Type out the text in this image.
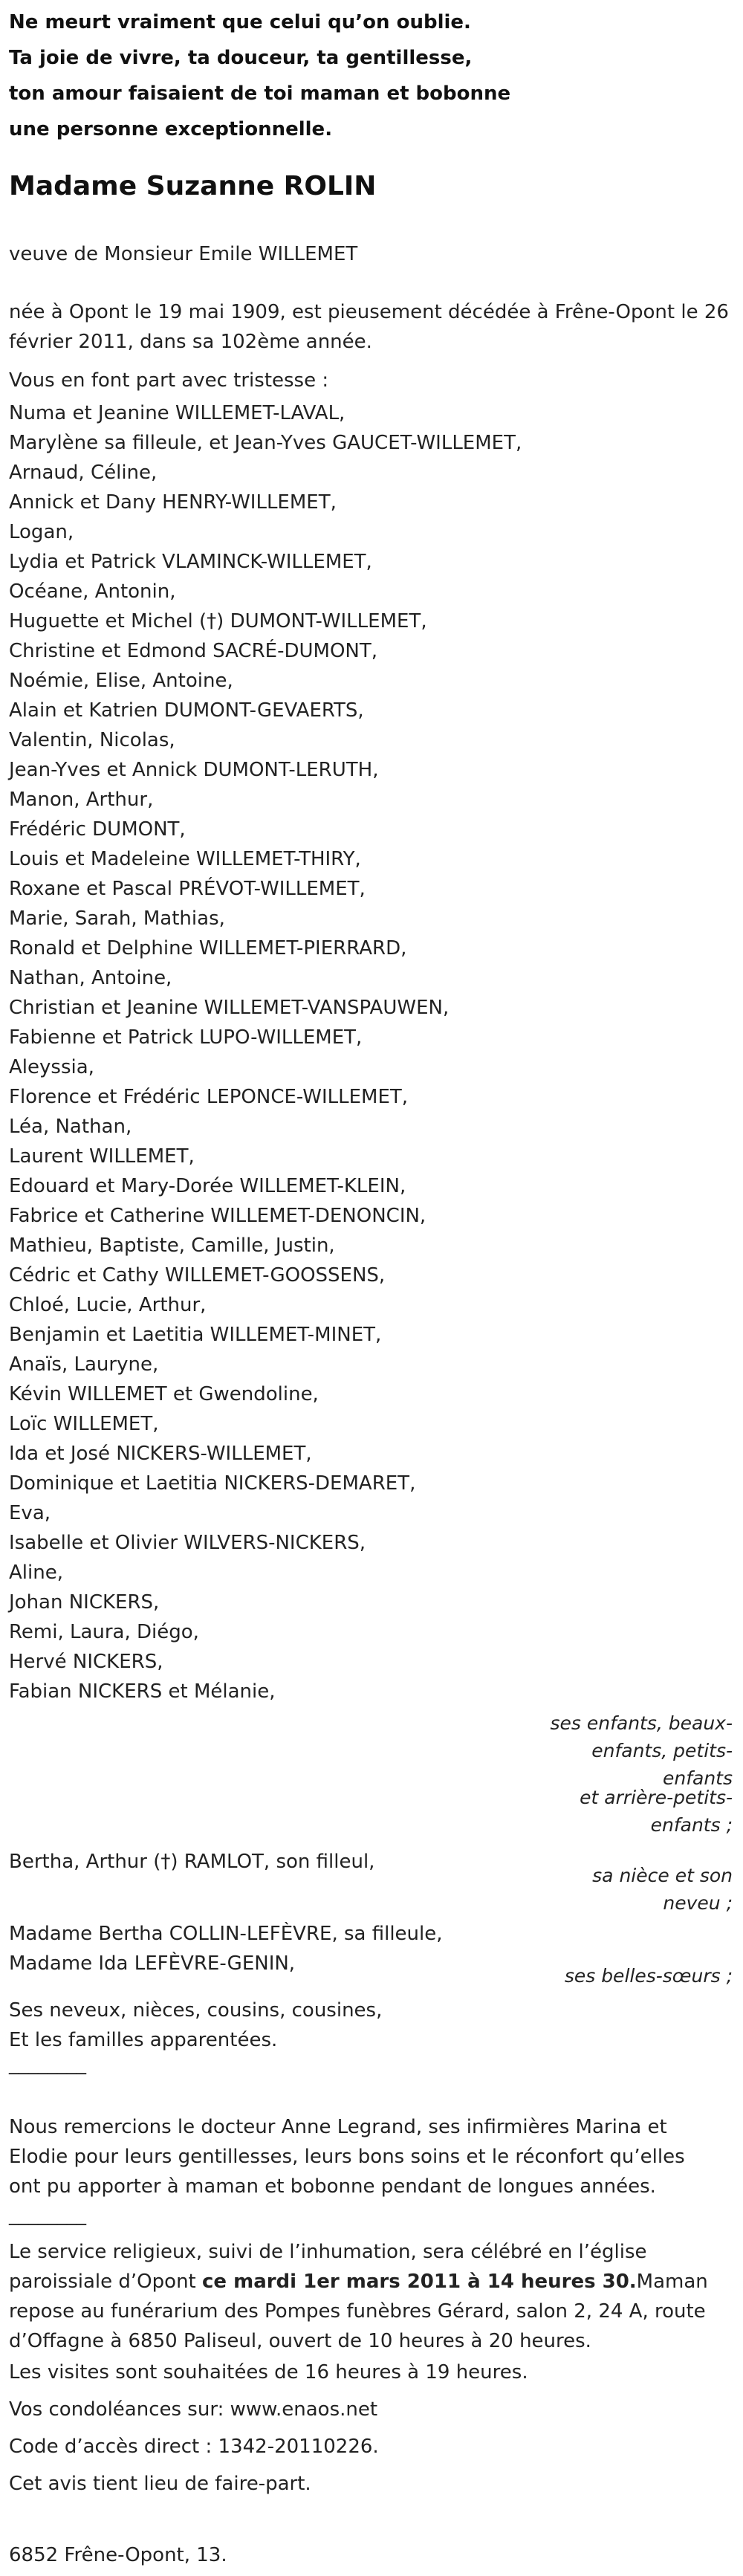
Ne meurt vraiment que celui qu’on oublie.
Ta joie de vivre, ta douceur, ta gentillesse,
ton amour faisaient de toi maman et bobonne
une personne exceptionnelle.
Madame Suzanne ROLIN
veuve de Monsieur Emile WILLEMET
née à Opont le 19 mai 1909, est pieusement décédée à Frêne-Opont le 26
février 2011, dans sa 102ème année.
Vous en font part avec tristesse :
Numa et Jeanine WILLEMET-LAVAL,
Marylène sa filleule, et Jean-Yves GAUCET-WILLEMET,
Arnaud, Céline,
Annick et Dany HENRY-WILLEMET,
Logan,
Lydia et Patrick VLAMINCK-WILLEMET,
Océane, Antonin,
Huguette et Michel (†) DUMONT-WILLEMET,
Christine et Edmond SACRÉ-DUMONT,
Noémie, Elise, Antoine,
Alain et Katrien DUMONT-GEVAERTS,
Valentin, Nicolas,
Jean-Yves et Annick DUMONT-LERUTH,
Manon, Arthur,
Frédéric DUMONT,
Louis et Madeleine WILLEMET-THIRY,
Roxane et Pascal PRÉVOT-WILLEMET,
Marie, Sarah, Mathias,
Ronald et Delphine WILLEMET-PIERRARD,
Nathan, Antoine,
Christian et Jeanine WILLEMET-VANSPAUWEN,
Fabienne et Patrick LUPO-WILLEMET,
Aleyssia,
Florence et Frédéric LEPONCE-WILLEMET,
Léa, Nathan,
Laurent WILLEMET,
Edouard et Mary-Dorée WILLEMET-KLEIN,
Fabrice et Catherine WILLEMET-DENONCIN,
Mathieu, Baptiste, Camille, Justin,
Cédric et Cathy WILLEMET-GOOSSENS,
Chloé, Lucie, Arthur,
Benjamin et Laetitia WILLEMET-MINET,
Anaïs, Lauryne,
Kévin WILLEMET et Gwendoline,
Loïc WILLEMET,
Ida et José NICKERS-WILLEMET,
Dominique et Laetitia NICKERS-DEMARET,
Eva,
Isabelle et Olivier WILVERS-NICKERS,
Aline,
Johan NICKERS,
Remi, Laura, Diégo,
Hervé NICKERS,
Fabian NICKERS et Mélanie,
ses enfants, beaux-
enfants, petits-
enfants
et arrière-petits-
enfants ;
Bertha, Arthur (†) RAMLOT, son filleul,
sa nièce et son
neveu ;
Madame Bertha COLLIN-LEFÈVRE, sa filleule,
Madame Ida LEFÈVRE-GENIN,
ses belles-sœurs ;
Ses neveux, nièces, cousins, cousines,
Et les familles apparentées.
________
Nous remercions le docteur Anne Legrand, ses infirmières Marina et
Elodie pour leurs gentillesses, leurs bons soins et le réconfort qu’elles
ont pu apporter à maman et bobonne pendant de longues années.
________
Le service religieux, suivi de l’inhumation, sera célébré en l’église
paroissiale d’Opont ce mardi 1er mars 2011 à 14 heures 30.Maman
repose au funérarium des Pompes funèbres Gérard, salon 2, 24 A, route
d’Offagne à 6850 Paliseul, ouvert de 10 heures à 20 heures.
Les visites sont souhaitées de 16 heures à 19 heures.
Vos condoléances sur: www.enaos.net
Code d’accès direct : 1342-20110226.
Cet avis tient lieu de faire-part.
6852 Frêne-Opont, 13.
